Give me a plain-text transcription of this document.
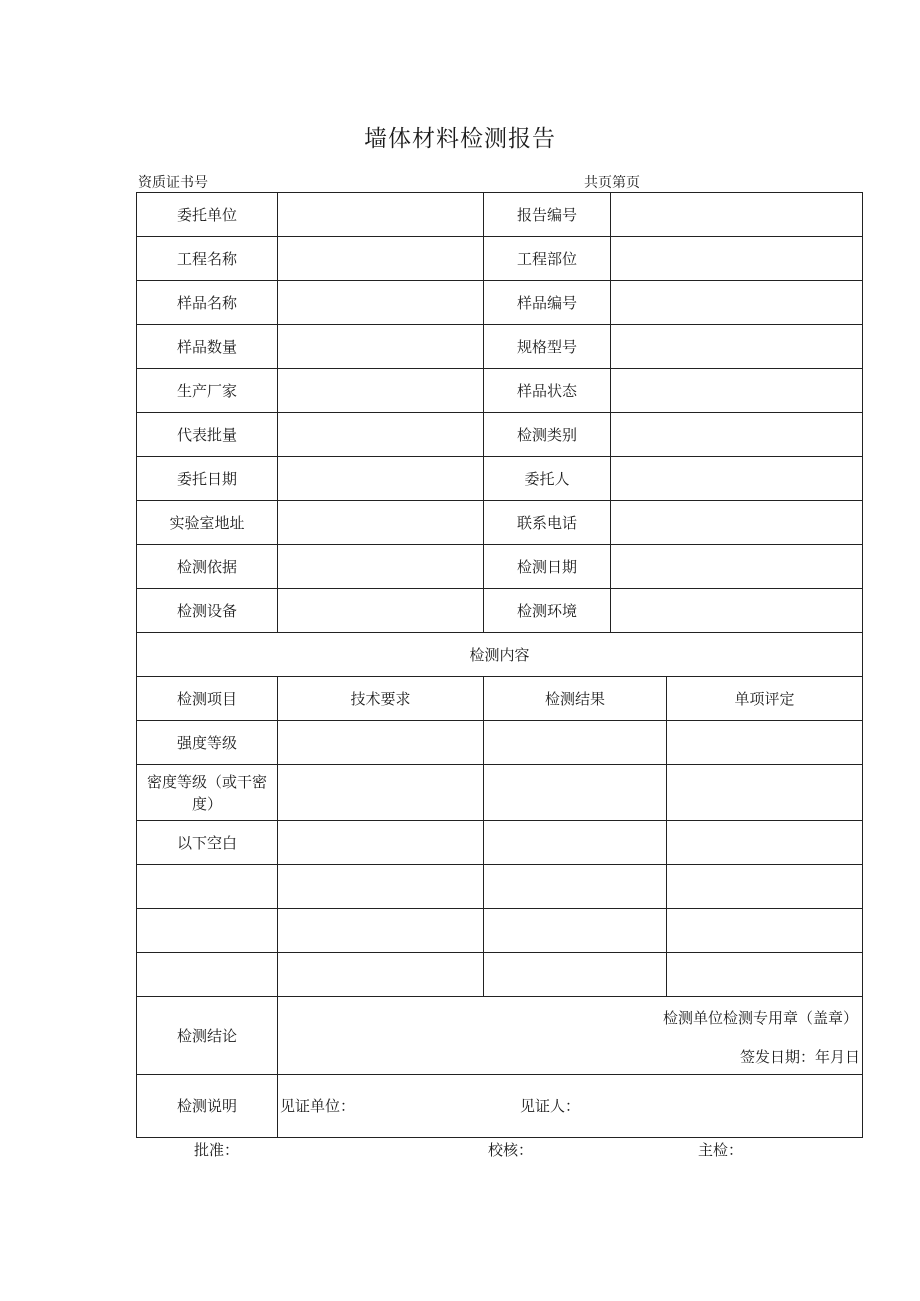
墙体材料检测报告
资质证书号	共页第页
委托单位		报告编号		
工程名称		工程部位		
样品名称		样品编号		
样品数量		规格型号		
生产厂家		样品状态		
代表批量		检测类别		
委托日期		委托人		
实验室地址		联系电话		
检测依据		检测日期		
检测设备		检测环境		
检测内容				
检测项目	技术要求	检测结果		单项评定
强度等级				
密度等级（或干密度）				
以下空白				

检测结论	检测单位检测专用章（盖章）
签发日期：年月日			

检测说明	见证单位： 见证人：			
批准：	校核：	主检：
